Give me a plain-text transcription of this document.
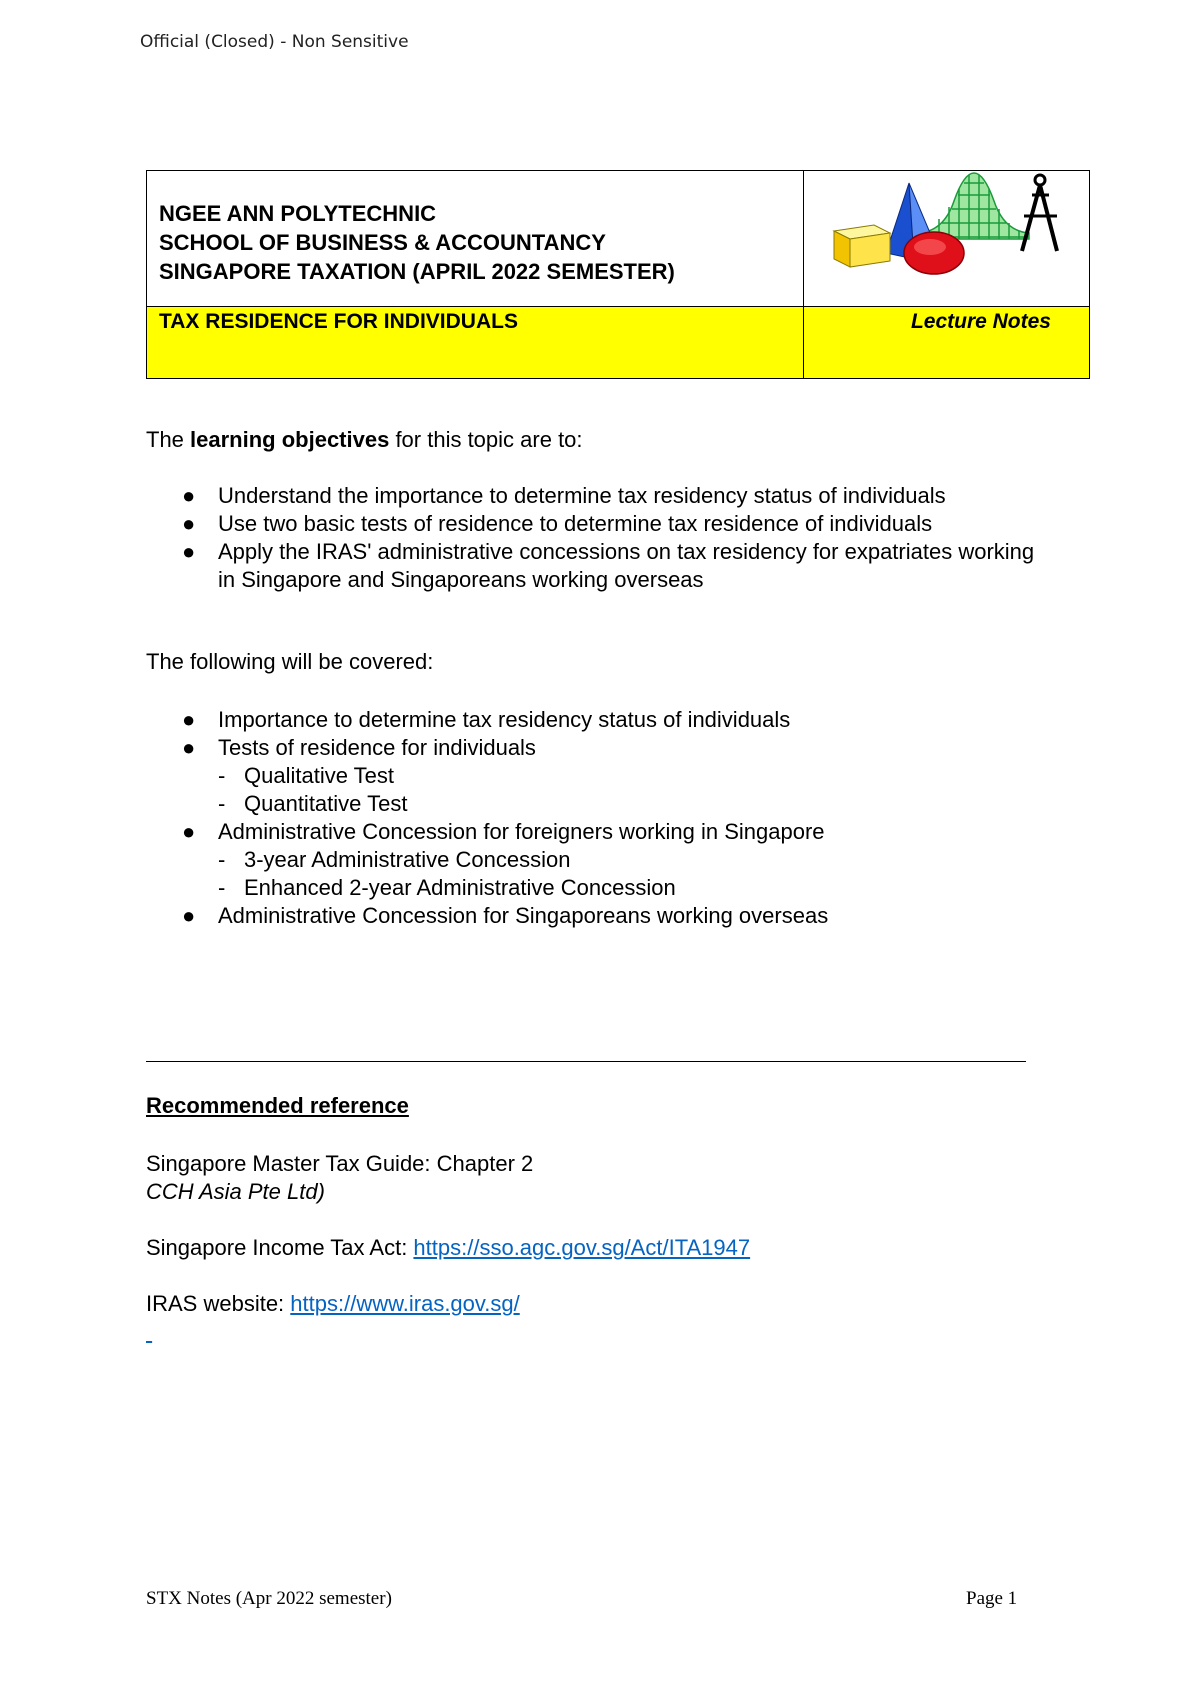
Official (Closed) - Non Sensitive
NGEE ANN POLYTECHNIC
SCHOOL OF BUSINESS & ACCOUNTANCY
SINGAPORE TAXATION (APRIL 2022 SEMESTER)

TAX RESIDENCE FOR INDIVIDUALS	Lecture Notes
The learning objectives for this topic are to:
● Understand the importance to determine tax residency status of individuals
● Use two basic tests of residence to determine tax residence of individuals
● Apply the IRAS' administrative concessions on tax residency for expatriates working in Singapore and Singaporeans working overseas
The following will be covered:
● Importance to determine tax residency status of individuals
● Tests of residence for individuals
- Qualitative Test
- Quantitative Test
● Administrative Concession for foreigners working in Singapore
- 3-year Administrative Concession
- Enhanced 2-year Administrative Concession
● Administrative Concession for Singaporeans working overseas
Recommended reference
Singapore Master Tax Guide: Chapter 2
CCH Asia Pte Ltd)
Singapore Income Tax Act: https://sso.agc.gov.sg/Act/ITA1947
IRAS website: https://www.iras.gov.sg/

STX Notes (Apr 2022 semester)	Page 1
